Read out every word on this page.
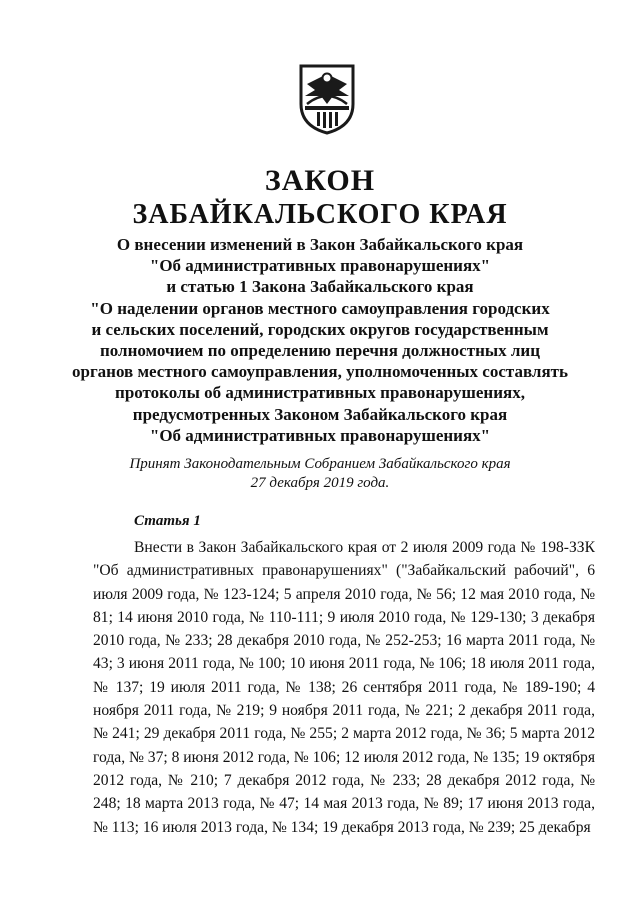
ЗАКОН
ЗАБАЙКАЛЬСКОГО КРАЯ
О внесении изменений в Закон Забайкальского края
"Об административных правонарушениях"
и статью 1 Закона Забайкальского края
"О наделении органов местного самоуправления городских
и сельских поселений, городских округов государственным
полномочием по определению перечня должностных лиц
органов местного самоуправления, уполномоченных составлять
протоколы об административных правонарушениях,
предусмотренных Законом Забайкальского края
"Об административных правонарушениях"
Принят Законодательным Собранием Забайкальского края
27 декабря 2019 года.

Статья 1

Внести в Закон Забайкальского края от 2 июля 2009 года № 198-ЗЗК "Об административных правонарушениях" ("Забайкальский рабочий", 6 июля 2009 года, № 123-124; 5 апреля 2010 года, № 56; 12 мая 2010 года, № 81; 14 июня 2010 года, № 110-111; 9 июля 2010 года, № 129-130; 3 декабря 2010 года, № 233; 28 декабря 2010 года, № 252-253; 16 марта 2011 года, № 43; 3 июня 2011 года, № 100; 10 июня 2011 года, № 106; 18 июля 2011 года, № 137; 19 июля 2011 года, № 138; 26 сентября 2011 года, № 189-190; 4 ноября 2011 года, № 219; 9 ноября 2011 года, № 221; 2 декабря 2011 года, № 241; 29 декабря 2011 года, № 255; 2 марта 2012 года, № 36; 5 марта 2012 года, № 37; 8 июня 2012 года, № 106; 12 июля 2012 года, № 135; 19 октября 2012 года, № 210; 7 декабря 2012 года, № 233; 28 декабря 2012 года, № 248; 18 марта 2013 года, № 47; 14 мая 2013 года, № 89; 17 июня 2013 года, № 113; 16 июля 2013 года, № 134; 19 декабря 2013 года, № 239; 25 декабря
